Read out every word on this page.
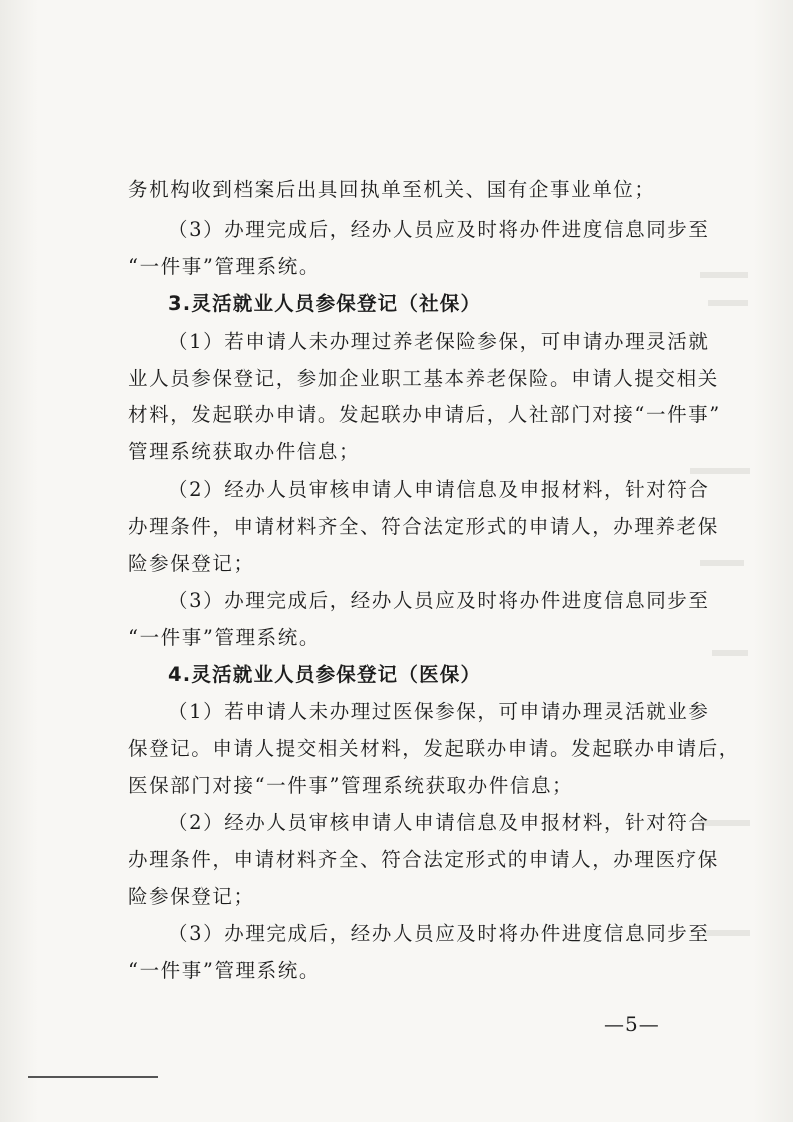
务机构收到档案后出具回执单至机关、国有企事业单位；
（3）办理完成后，经办人员应及时将办件进度信息同步至
“一件事”管理系统。
3.灵活就业人员参保登记（社保）
（1）若申请人未办理过养老保险参保，可申请办理灵活就
业人员参保登记，参加企业职工基本养老保险。申请人提交相关
材料，发起联办申请。发起联办申请后，人社部门对接“一件事”
管理系统获取办件信息；
（2）经办人员审核申请人申请信息及申报材料，针对符合
办理条件，申请材料齐全、符合法定形式的申请人，办理养老保
险参保登记；
（3）办理完成后，经办人员应及时将办件进度信息同步至
“一件事”管理系统。
4.灵活就业人员参保登记（医保）
（1）若申请人未办理过医保参保，可申请办理灵活就业参
保登记。申请人提交相关材料，发起联办申请。发起联办申请后，
医保部门对接“一件事”管理系统获取办件信息；
（2）经办人员审核申请人申请信息及申报材料，针对符合
办理条件，申请材料齐全、符合法定形式的申请人，办理医疗保
险参保登记；
（3）办理完成后，经办人员应及时将办件进度信息同步至
“一件事”管理系统。
—5—
